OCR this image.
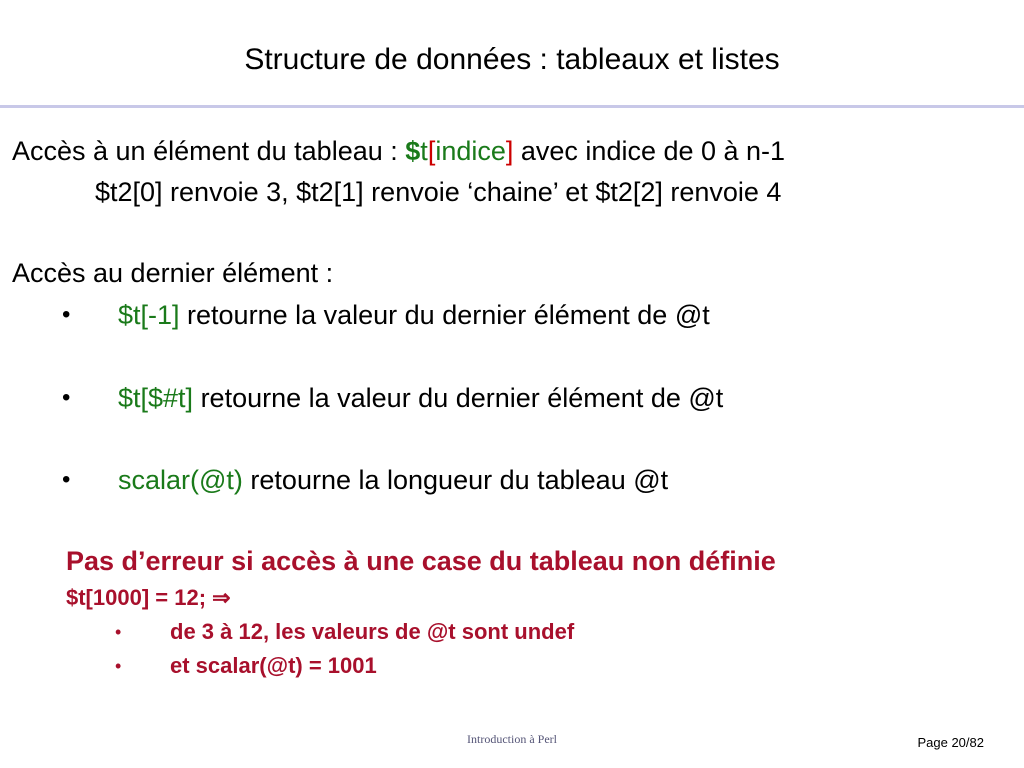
Structure de données : tableaux et listes
Accès à un élément du tableau : $t[indice] avec indice de 0 à n-1
$t2[0] renvoie 3, $t2[1] renvoie ‘chaine’ et $t2[2] renvoie 4
Accès au dernier élément :
• $t[-1] retourne la valeur du dernier élément de @t
• $t[$#t] retourne la valeur du dernier élément de @t
• scalar(@t) retourne la longueur du tableau @t
Pas d’erreur si accès à une case du tableau non définie
$t[1000] = 12; ⇒
• de 3 à 12, les valeurs de @t sont undef
• et scalar(@t) = 1001
Introduction à Perl	Page 20/82
